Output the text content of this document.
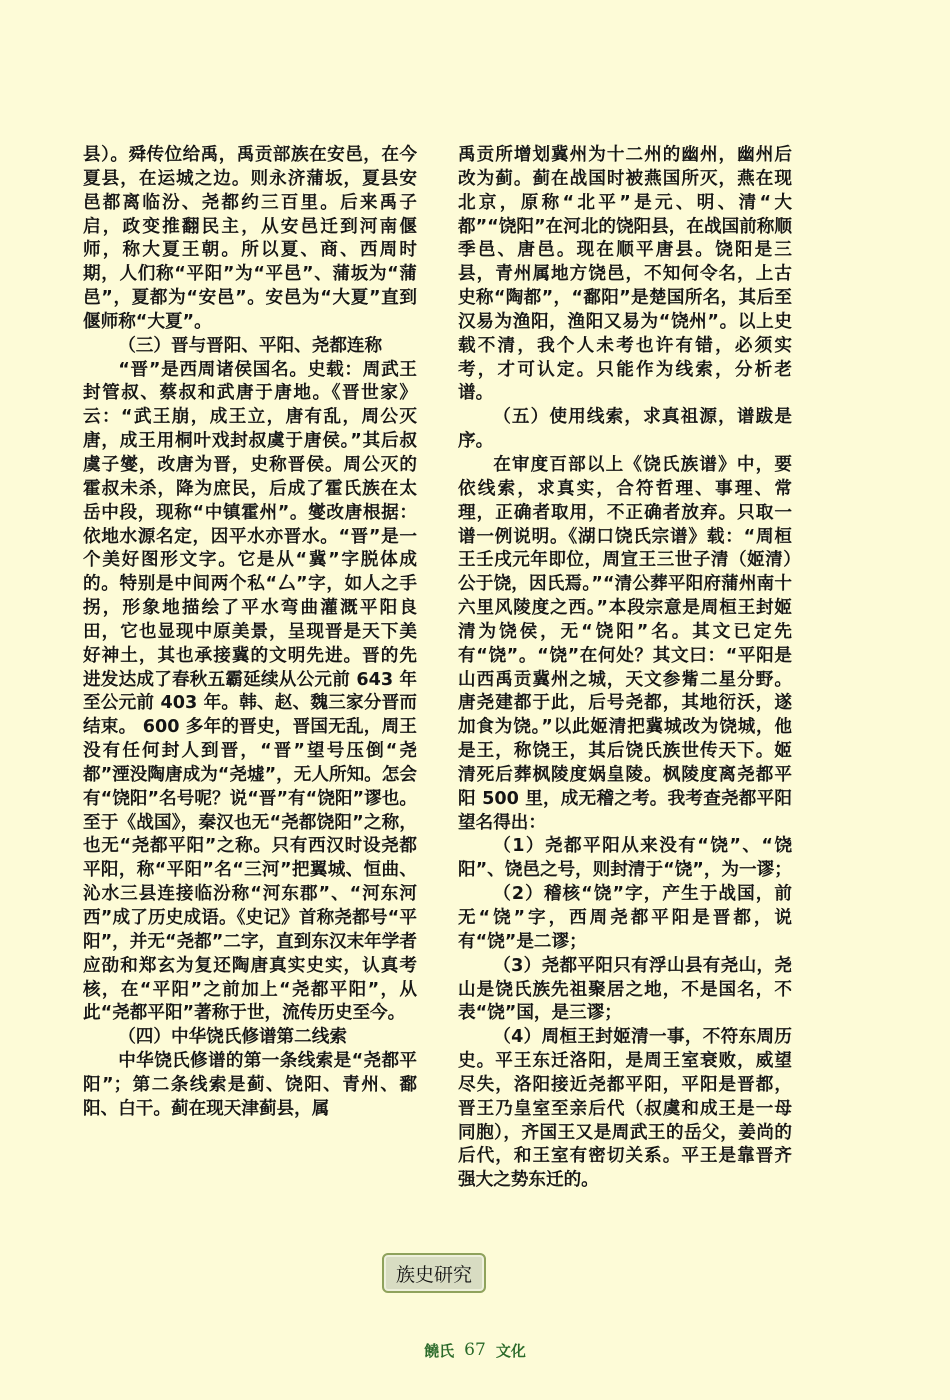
县）。舜传位给禹，禹贡部族在安邑，在今夏县，在运城之边。则永济蒲坂，夏县安邑都离临汾、尧都约三百里。后来禹子启，政变推翻民主，从安邑迁到河南偃师，称大夏王朝。所以夏、商、西周时期，人们称“平阳”为“平邑”、蒲坂为“蒲邑”，夏都为“安邑”。安邑为“大夏”直到偃师称“大夏”。

（三）晋与晋阳、平阳、尧都连称

“晋”是西周诸侯国名。史载：周武王封管叔、蔡叔和武唐于唐地。《晋世家》云：“武王崩，成王立，唐有乱，周公灭唐，成王用桐叶戏封叔虞于唐侯。”其后叔虞子燮，改唐为晋，史称晋侯。周公灭的霍叔未杀，降为庶民，后成了霍氏族在太岳中段，现称“中镇霍州”。燮改唐根据：依地水源名定，因平水亦晋水。“晋”是一个美好图形文字。它是从“冀”字脱体成的。特别是中间两个私“厶”字，如人之手拐，形象地描绘了平水弯曲灌溉平阳良田，它也显现中原美景，呈现晋是天下美好神土，其也承接冀的文明先进。晋的先进发达成了春秋五霸延续从公元前 643 年至公元前 403 年。韩、赵、魏三家分晋而结束。 600 多年的晋史，晋国无乱，周王没有任何封人到晋，“晋”望号压倒“尧都”湮没陶唐成为“尧墟”，无人所知。怎会有“饶阳”名号呢？说“晋”有“饶阳”谬也。至于《战国》，秦汉也无“尧都饶阳”之称，也无“尧都平阳”之称。只有西汉时设尧都平阳，称“平阳”名“三河”把翼城、恒曲、沁水三县连接临汾称“河东郡”、“河东河西”成了历史成语。《史记》首称尧都号“平阳”，并无“尧都”二字，直到东汉末年学者应劭和郑玄为复还陶唐真实史实，认真考核，在“平阳”之前加上“尧都平阳”，从此“尧都平阳”著称于世，流传历史至今。

（四）中华饶氏修谱第二线索

中华饶氏修谱的第一条线索是“尧都平阳”；第二条线索是蓟、饶阳、青州、鄱阳、白干。蓟在现天津蓟县，属

禹贡所增划冀州为十二州的幽州，幽州后改为蓟。蓟在战国时被燕国所灭，燕在现北京，原称“北平”是元、明、清“大都”“饶阳”在河北的饶阳县，在战国前称顺季邑、唐邑。现在顺平唐县。饶阳是三县，青州属地方饶邑，不知何令名，上古史称“陶都”，“鄱阳”是楚国所名，其后至汉易为渔阳，渔阳又易为“饶州”。以上史载不清，我个人未考也许有错，必须实考，才可认定。只能作为线索，分析老谱。

（五）使用线索，求真祖源，谱跋是序。

在审度百部以上《饶氏族谱》中，要依线索，求真实，合符哲理、事理、常理，正确者取用，不正确者放弃。只取一谱一例说明。《湖口饶氏宗谱》载：“周桓王壬戌元年即位，周宣王三世子清（姬清）公于饶，因氏焉。”“清公葬平阳府蒲州南十六里风陵度之西。”本段宗意是周桓王封姬清为饶侯，无“饶阳”名。其文已定先有“饶”。“饶”在何处？其文曰：“平阳是山西禹贡冀州之城，天文参觜二星分野。唐尧建都于此，后号尧都，其地衍沃，遂加食为饶。”以此姬清把冀城改为饶城，他是王，称饶王，其后饶氏族世传天下。姬清死后葬枫陵度娲皇陵。枫陵度离尧都平阳 500 里，成无稽之考。我考查尧都平阳望名得出：

（1）尧都平阳从来没有“饶”、“饶阳”、饶邑之号，则封清于“饶”，为一谬；

（2）稽核“饶”字，产生于战国，前无“饶”字，西周尧都平阳是晋都，说有“饶”是二谬；

（3）尧都平阳只有浮山县有尧山，尧山是饶氏族先祖聚居之地，不是国名，不表“饶”国，是三谬；

（4）周桓王封姬清一事，不符东周历史。平王东迁洛阳，是周王室衰败，威望尽失，洛阳接近尧都平阳，平阳是晋都，晋王乃皇室至亲后代（叔虞和成王是一母同胞），齐国王又是周武王的岳父，姜尚的后代，和王室有密切关系。平王是靠晋齐强大之势东迁的。

族史研究
饒氏 67 文化
